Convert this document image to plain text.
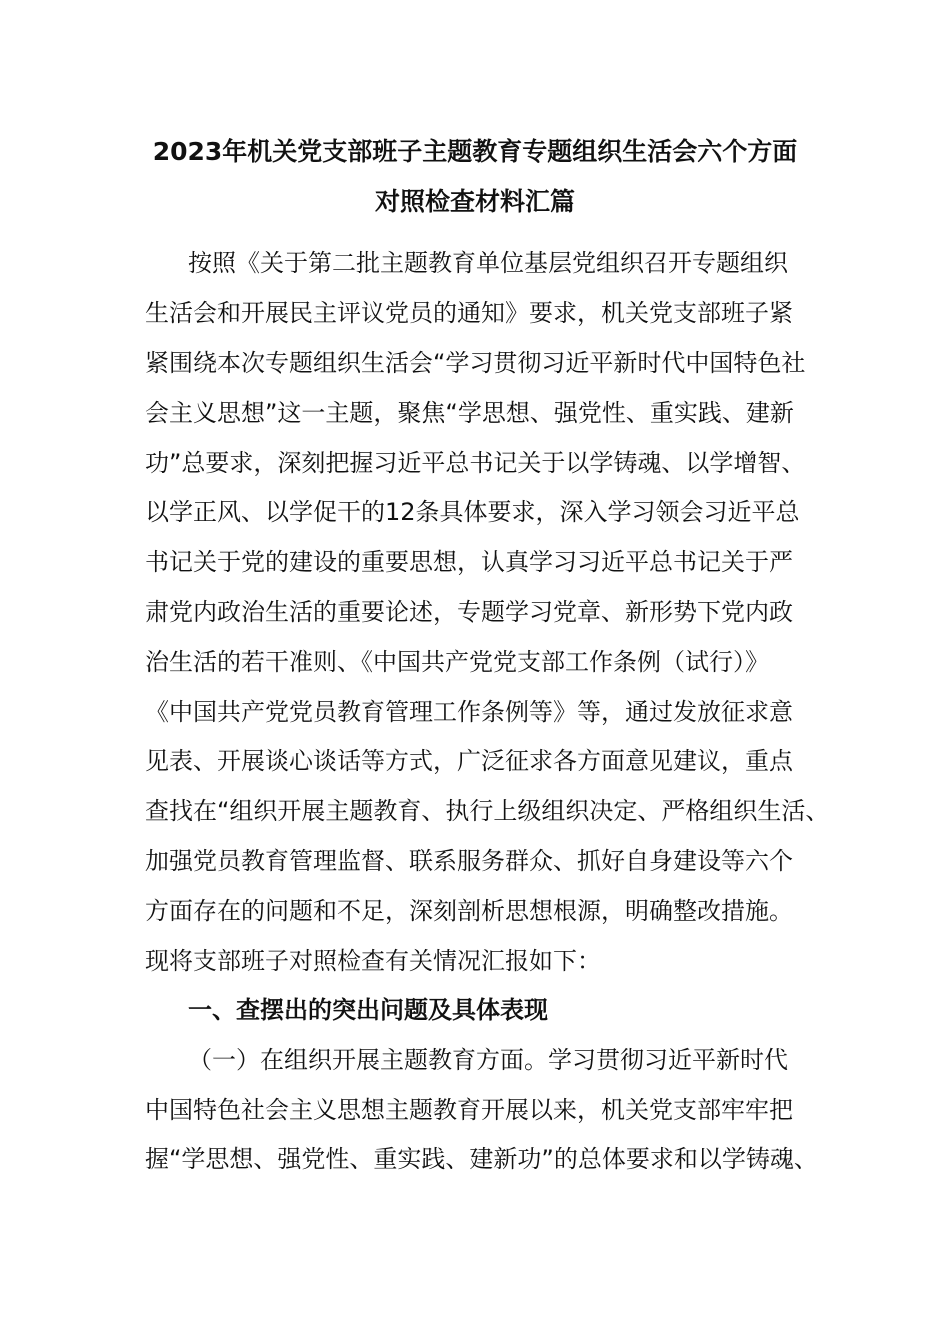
2023年机关党支部班子主题教育专题组织生活会六个方面
对照检查材料汇篇
按照《关于第二批主题教育单位基层党组织召开专题组织
生活会和开展民主评议党员的通知》要求，机关党支部班子紧
紧围绕本次专题组织生活会“学习贯彻习近平新时代中国特色社
会主义思想”这一主题，聚焦“学思想、强党性、重实践、建新
功”总要求，深刻把握习近平总书记关于以学铸魂、以学增智、
以学正风、以学促干的12条具体要求，深入学习领会习近平总
书记关于党的建设的重要思想，认真学习习近平总书记关于严
肃党内政治生活的重要论述，专题学习党章、新形势下党内政
治生活的若干准则、《中国共产党党支部工作条例（试行）》
《中国共产党党员教育管理工作条例等》等，通过发放征求意
见表、开展谈心谈话等方式，广泛征求各方面意见建议，重点
查找在“组织开展主题教育、执行上级组织决定、严格组织生活、
加强党员教育管理监督、联系服务群众、抓好自身建设等六个
方面存在的问题和不足，深刻剖析思想根源，明确整改措施。
现将支部班子对照检查有关情况汇报如下：
一、查摆出的突出问题及具体表现
（一）在组织开展主题教育方面。学习贯彻习近平新时代
中国特色社会主义思想主题教育开展以来，机关党支部牢牢把
握“学思想、强党性、重实践、建新功”的总体要求和以学铸魂、
